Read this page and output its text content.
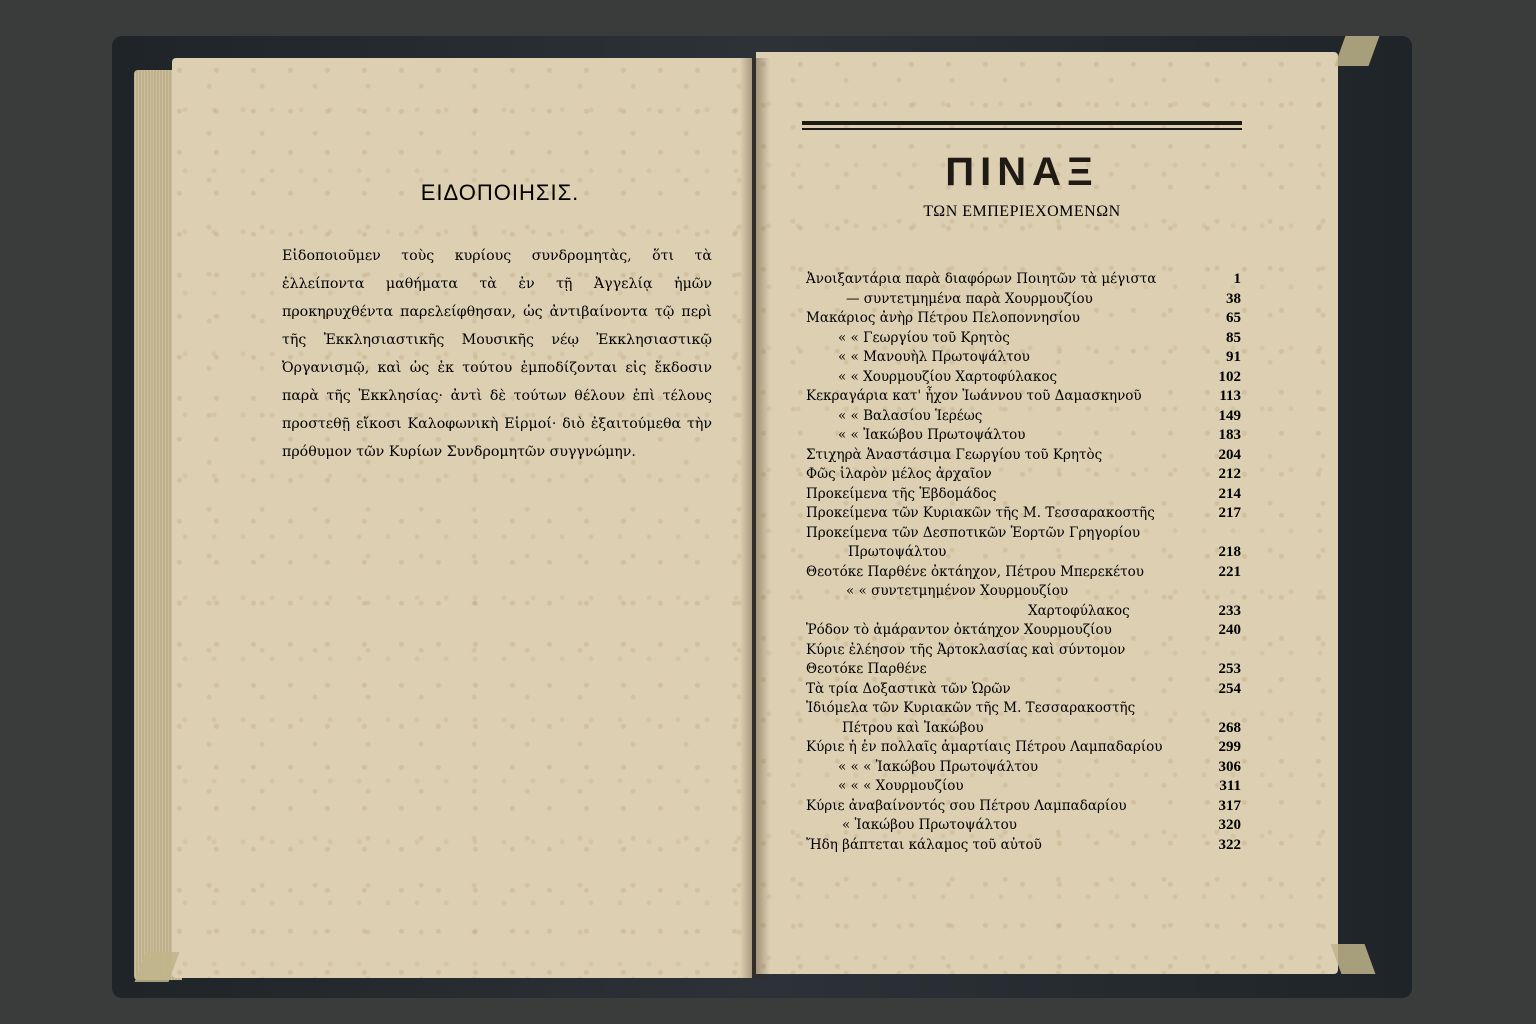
ΕΙΔΟΠΟΙΗΣΙΣ.
Εἰδοποιοῦμεν τοὺς κυρίους συνδρομητὰς, ὅτι τὰ ἐλλείποντα μαθήματα τὰ ἐν τῇ Ἀγγελίᾳ ἡμῶν προκηρυχθέντα παρελείφθησαν, ὡς ἀντιβαίνοντα τῷ περὶ τῆς Ἐκκλησιαστικῆς Μουσικῆς νέῳ Ἐκκλησιαστικῷ Ὀργανισμῷ, καὶ ὡς ἐκ τούτου ἐμποδίζονται εἰς ἔκδοσιν παρὰ τῆς Ἐκκλησίας· ἀντὶ δὲ τούτων θέλουν ἐπὶ τέλους προστεθῇ εἴκοσι Καλοφωνικὴ Εἱρμοί· διὸ ἐξαιτούμεθα τὴν πρόθυμον τῶν Κυρίων Συνδρομητῶν συγγνώμην.
ΠΙΝΑΞ
ΤΩΝ ΕΜΠΕΡΙΕΧΟΜΕΝΩΝ
Ἀνοιξαντάρια παρὰ διαφόρων Ποιητῶν τὰ μέγιστα	1
— συντετμημένα παρὰ Χουρμουζίου	38
Μακάριος ἀνὴρ Πέτρου Πελοποννησίου	65
« « Γεωργίου τοῦ Κρητὸς	85
« « Μανουὴλ Πρωτοψάλτου	91
« « Χουρμουζίου Χαρτοφύλακος	102
Κεκραγάρια κατ' ἦχον Ἰωάννου τοῦ Δαμασκηνοῦ	113
« « Βαλασίου Ἱερέως	149
« « Ἰακώβου Πρωτοψάλτου	183
Στιχηρὰ Ἀναστάσιμα Γεωργίου τοῦ Κρητὸς	204
Φῶς ἱλαρὸν μέλος ἀρχαῖον	212
Προκείμενα τῆς Ἑβδομάδος	214
Προκείμενα τῶν Κυριακῶν τῆς Μ. Τεσσαρακοστῆς	217
Προκείμενα τῶν Δεσποτικῶν Ἑορτῶν Γρηγορίου
Πρωτοψάλτου	218
Θεοτόκε Παρθένε ὀκτάηχον, Πέτρου Μπερεκέτου	221
« « συντετμημένον Χουρμουζίου
Χαρτοφύλακος	233
Ῥόδον τὸ ἀμάραντον ὀκτάηχον Χουρμουζίου	240
Κύριε ἐλέησον τῆς Ἀρτοκλασίας καὶ σύντομον
Θεοτόκε Παρθένε	253
Τὰ τρία Δοξαστικὰ τῶν Ὡρῶν	254
Ἰδιόμελα τῶν Κυριακῶν τῆς Μ. Τεσσαρακοστῆς
Πέτρου καὶ Ἰακώβου	268
Κύριε ἡ ἐν πολλαῖς ἁμαρτίαις Πέτρου Λαμπαδαρίου	299
« « « Ἰακώβου Πρωτοψάλτου	306
« « « Χουρμουζίου	311
Κύριε ἀναβαίνοντός σου Πέτρου Λαμπαδαρίου	317
« Ἰακώβου Πρωτοψάλτου	320
Ἤδη βάπτεται κάλαμος τοῦ αὐτοῦ	322
